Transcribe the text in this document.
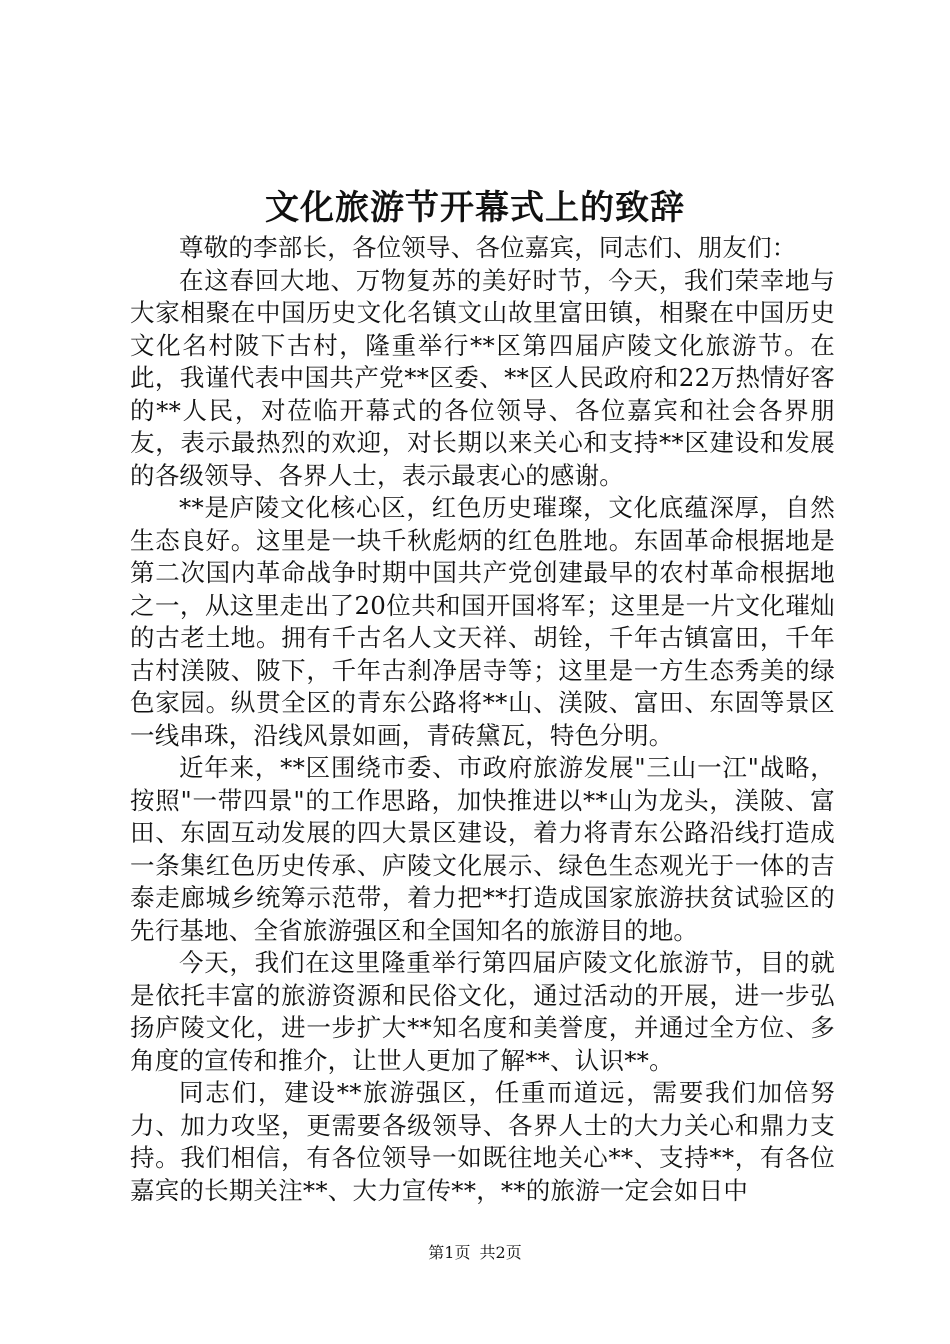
文化旅游节开幕式上的致辞

尊敬的李部长，各位领导、各位嘉宾，同志们、朋友们：

在这春回大地、万物复苏的美好时节，今天，我们荣幸地与大家相聚在中国历史文化名镇文山故里富田镇，相聚在中国历史文化名村陂下古村，隆重举行**区第四届庐陵文化旅游节。在此，我谨代表中国共产党**区委、**区人民政府和22万热情好客的**人民，对莅临开幕式的各位领导、各位嘉宾和社会各界朋友，表示最热烈的欢迎，对长期以来关心和支持**区建设和发展的各级领导、各界人士，表示最衷心的感谢。

**是庐陵文化核心区，红色历史璀璨，文化底蕴深厚，自然生态良好。这里是一块千秋彪炳的红色胜地。东固革命根据地是第二次国内革命战争时期中国共产党创建最早的农村革命根据地之一，从这里走出了20位共和国开国将军；这里是一片文化璀灿的古老土地。拥有千古名人文天祥、胡铨，千年古镇富田，千年古村渼陂、陂下，千年古刹净居寺等；这里是一方生态秀美的绿色家园。纵贯全区的青东公路将**山、渼陂、富田、东固等景区一线串珠，沿线风景如画，青砖黛瓦，特色分明。

近年来，**区围绕市委、市政府旅游发展"三山一江"战略，按照"一带四景"的工作思路，加快推进以**山为龙头，渼陂、富田、东固互动发展的四大景区建设，着力将青东公路沿线打造成一条集红色历史传承、庐陵文化展示、绿色生态观光于一体的吉泰走廊城乡统筹示范带，着力把**打造成国家旅游扶贫试验区的先行基地、全省旅游强区和全国知名的旅游目的地。

今天，我们在这里隆重举行第四届庐陵文化旅游节，目的就是依托丰富的旅游资源和民俗文化，通过活动的开展，进一步弘扬庐陵文化，进一步扩大**知名度和美誉度，并通过全方位、多角度的宣传和推介，让世人更加了解**、认识**。

同志们，建设**旅游强区，任重而道远，需要我们加倍努力、加力攻坚，更需要各级领导、各界人士的大力关心和鼎力支持。我们相信，有各位领导一如既往地关心**、支持**，有各位嘉宾的长期关注**、大力宣传**，**的旅游一定会如日中

第1页 共2页
